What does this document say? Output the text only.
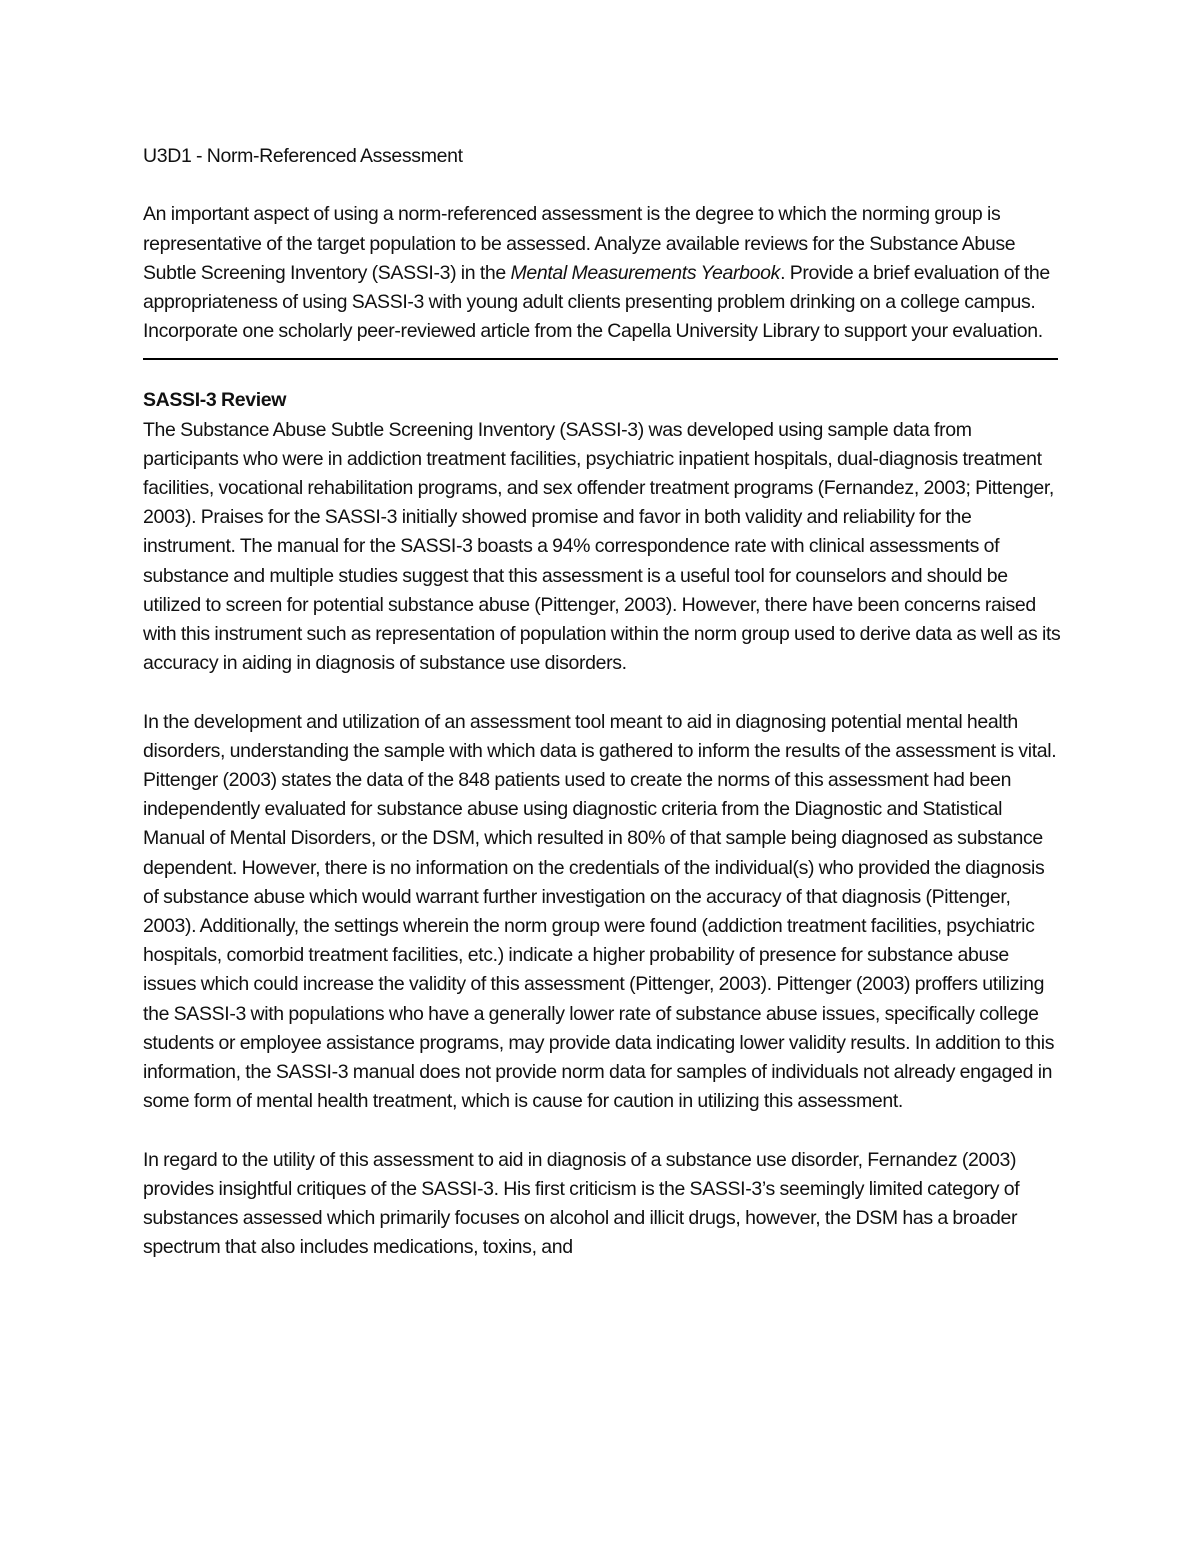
U3D1 - Norm-Referenced Assessment

An important aspect of using a norm-referenced assessment is the degree to which the norming group is representative of the target population to be assessed. Analyze available reviews for the Substance Abuse Subtle Screening Inventory (SASSI-3) in the Mental Measurements Yearbook. Provide a brief evaluation of the appropriateness of using SASSI-3 with young adult clients presenting problem drinking on a college campus. Incorporate one scholarly peer-reviewed article from the Capella University Library to support your evaluation.

SASSI-3 Review

The Substance Abuse Subtle Screening Inventory (SASSI-3) was developed using sample data from participants who were in addiction treatment facilities, psychiatric inpatient hospitals, dual-diagnosis treatment facilities, vocational rehabilitation programs, and sex offender treatment programs (Fernandez, 2003; Pittenger, 2003). Praises for the SASSI-3 initially showed promise and favor in both validity and reliability for the instrument. The manual for the SASSI-3 boasts a 94% correspondence rate with clinical assessments of substance and multiple studies suggest that this assessment is a useful tool for counselors and should be utilized to screen for potential substance abuse (Pittenger, 2003). However, there have been concerns raised with this instrument such as representation of population within the norm group used to derive data as well as its accuracy in aiding in diagnosis of substance use disorders.

In the development and utilization of an assessment tool meant to aid in diagnosing potential mental health disorders, understanding the sample with which data is gathered to inform the results of the assessment is vital. Pittenger (2003) states the data of the 848 patients used to create the norms of this assessment had been independently evaluated for substance abuse using diagnostic criteria from the Diagnostic and Statistical Manual of Mental Disorders, or the DSM, which resulted in 80% of that sample being diagnosed as substance dependent. However, there is no information on the credentials of the individual(s) who provided the diagnosis of substance abuse which would warrant further investigation on the accuracy of that diagnosis (Pittenger, 2003). Additionally, the settings wherein the norm group were found (addiction treatment facilities, psychiatric hospitals, comorbid treatment facilities, etc.) indicate a higher probability of presence for substance abuse issues which could increase the validity of this assessment (Pittenger, 2003). Pittenger (2003) proffers utilizing the SASSI-3 with populations who have a generally lower rate of substance abuse issues, specifically college students or employee assistance programs, may provide data indicating lower validity results. In addition to this information, the SASSI-3 manual does not provide norm data for samples of individuals not already engaged in some form of mental health treatment, which is cause for caution in utilizing this assessment.

In regard to the utility of this assessment to aid in diagnosis of a substance use disorder, Fernandez (2003) provides insightful critiques of the SASSI-3. His first criticism is the SASSI-3’s seemingly limited category of substances assessed which primarily focuses on alcohol and illicit drugs, however, the DSM has a broader spectrum that also includes medications, toxins, and
